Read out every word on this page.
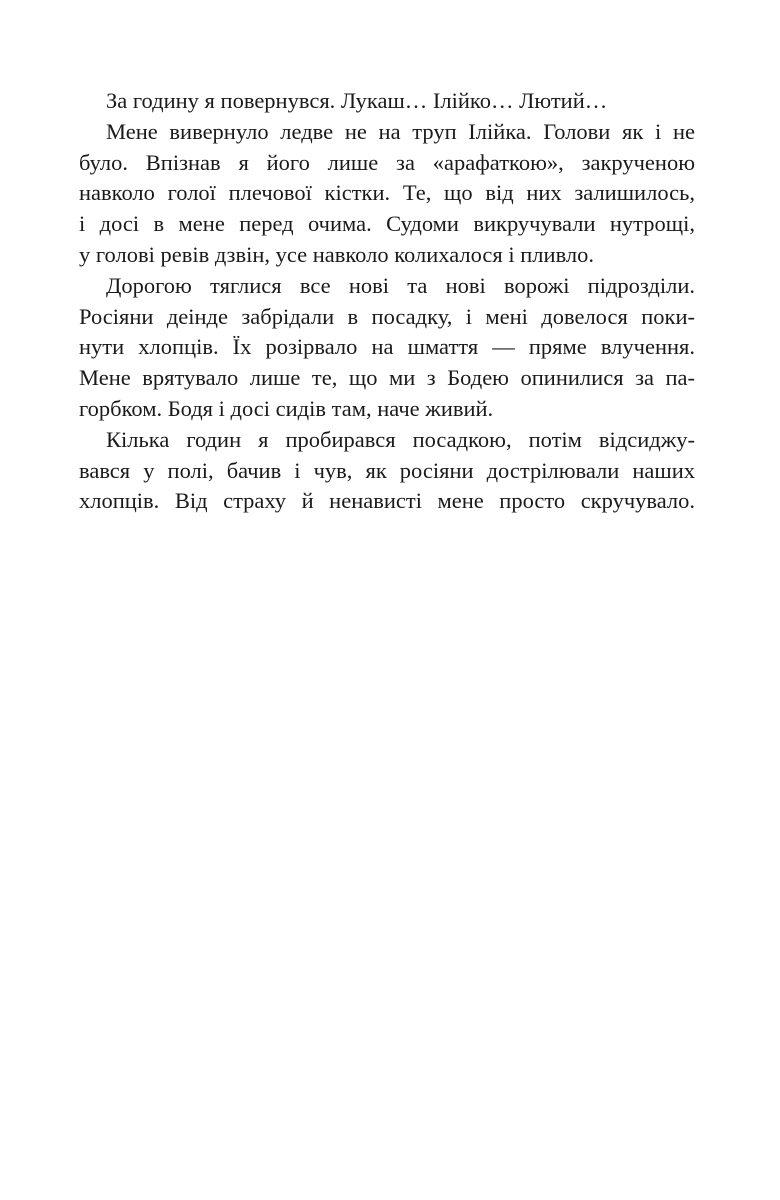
За годину я повернувся. Лукаш… Ілійко… Лютий…

Мене вивернуло ледве не на труп Ілійка. Голови як і не
було. Впізнав я його лише за «арафаткою», закрученою
навколо голої плечової кістки. Те, що від них залишилось,
і досі в мене перед очима. Судоми викручували нутрощі,
у голові ревів дзвін, усе навколо колихалося і пливло.

Дорогою тяглися все нові та нові ворожі підрозділи.
Росіяни деінде забрідали в посадку, і мені довелося поки-
нути хлопців. Їх розірвало на шмаття — пряме влучення.
Мене врятувало лише те, що ми з Бодею опинилися за па-
горбком. Бодя і досі сидів там, наче живий.

Кілька годин я пробирався посадкою, потім відсиджу-
вався у полі, бачив і чув, як росіяни дострілювали наших
хлопців. Від страху й ненависті мене просто скручувало.
